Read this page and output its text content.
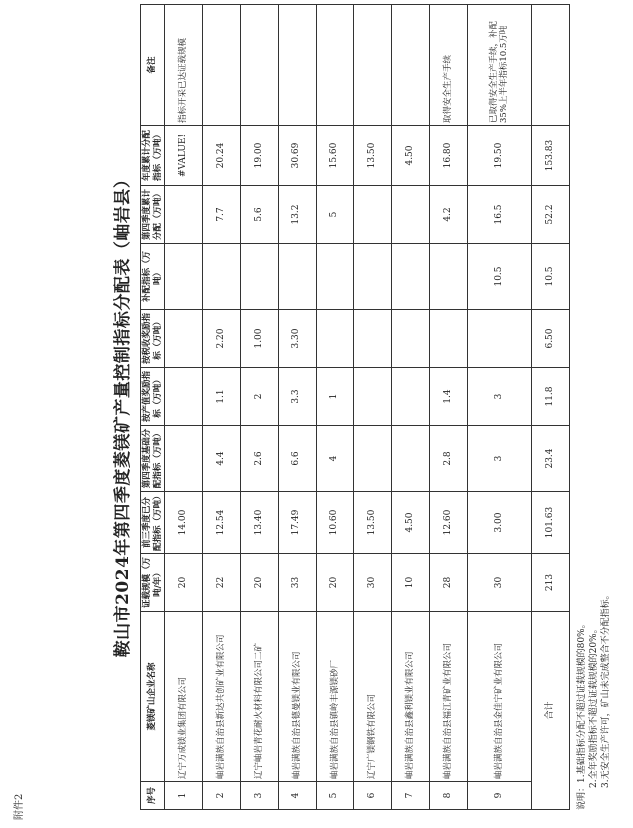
附件2
鞍山市2024年第四季度菱镁矿产量控制指标分配表（岫岩县）
序号	菱镁矿山企业名称	证载规模（万吨/年）	前三季度已分配指标（万吨）	第四季度基础分配指标（万吨）	按产值奖励指标（万吨）	按税收奖励指标（万吨）	补配指标（万吨）	第四季度累计分配（万吨）	年度累计分配指标（万吨）	备注
1	辽宁万成镁业集团有限公司	20	14.00						#VALUE!	指标开采已达证载规模
2	岫岩满族自治县新达共创矿业有限公司	22	12.54	4.4	1.1	2.20		7.7	20.24	
3	辽宁岫岩青花耐火材料有限公司二矿	20	13.40	2.6	2	1.00		5.6	19.00	
4	岫岩满族自治县德曼镁业有限公司	33	17.49	6.6	3.3	3.30		13.2	30.69	
5	岫岩满族自治县镇岭丰源镁砂厂	20	10.60	4	1			5	15.60	
6	辽宁广镁钢铁有限公司	30	13.50						13.50	
7	岫岩满族自治县鑫利镁业有限公司	10	4.50						4.50	
8	岫岩满族自治县福江青矿业有限公司	28	12.60	2.8	1.4			4.2	16.80	取得安全生产手续
9	岫岩满族自治县金佳宁矿业有限公司	30	3.00	3	3		10.5	16.5	19.50	已取得安全生产手续，补配35%上半年指标10.5万吨
合计		213	101.63	23.4	11.8	6.50	10.5	52.2	153.83	
说明：1.基础指标分配不超过证载规模的80%。 2.全年奖励指标不超过证载规模的20%。 3.无安全生产许可，矿山未完成整合不分配指标。
